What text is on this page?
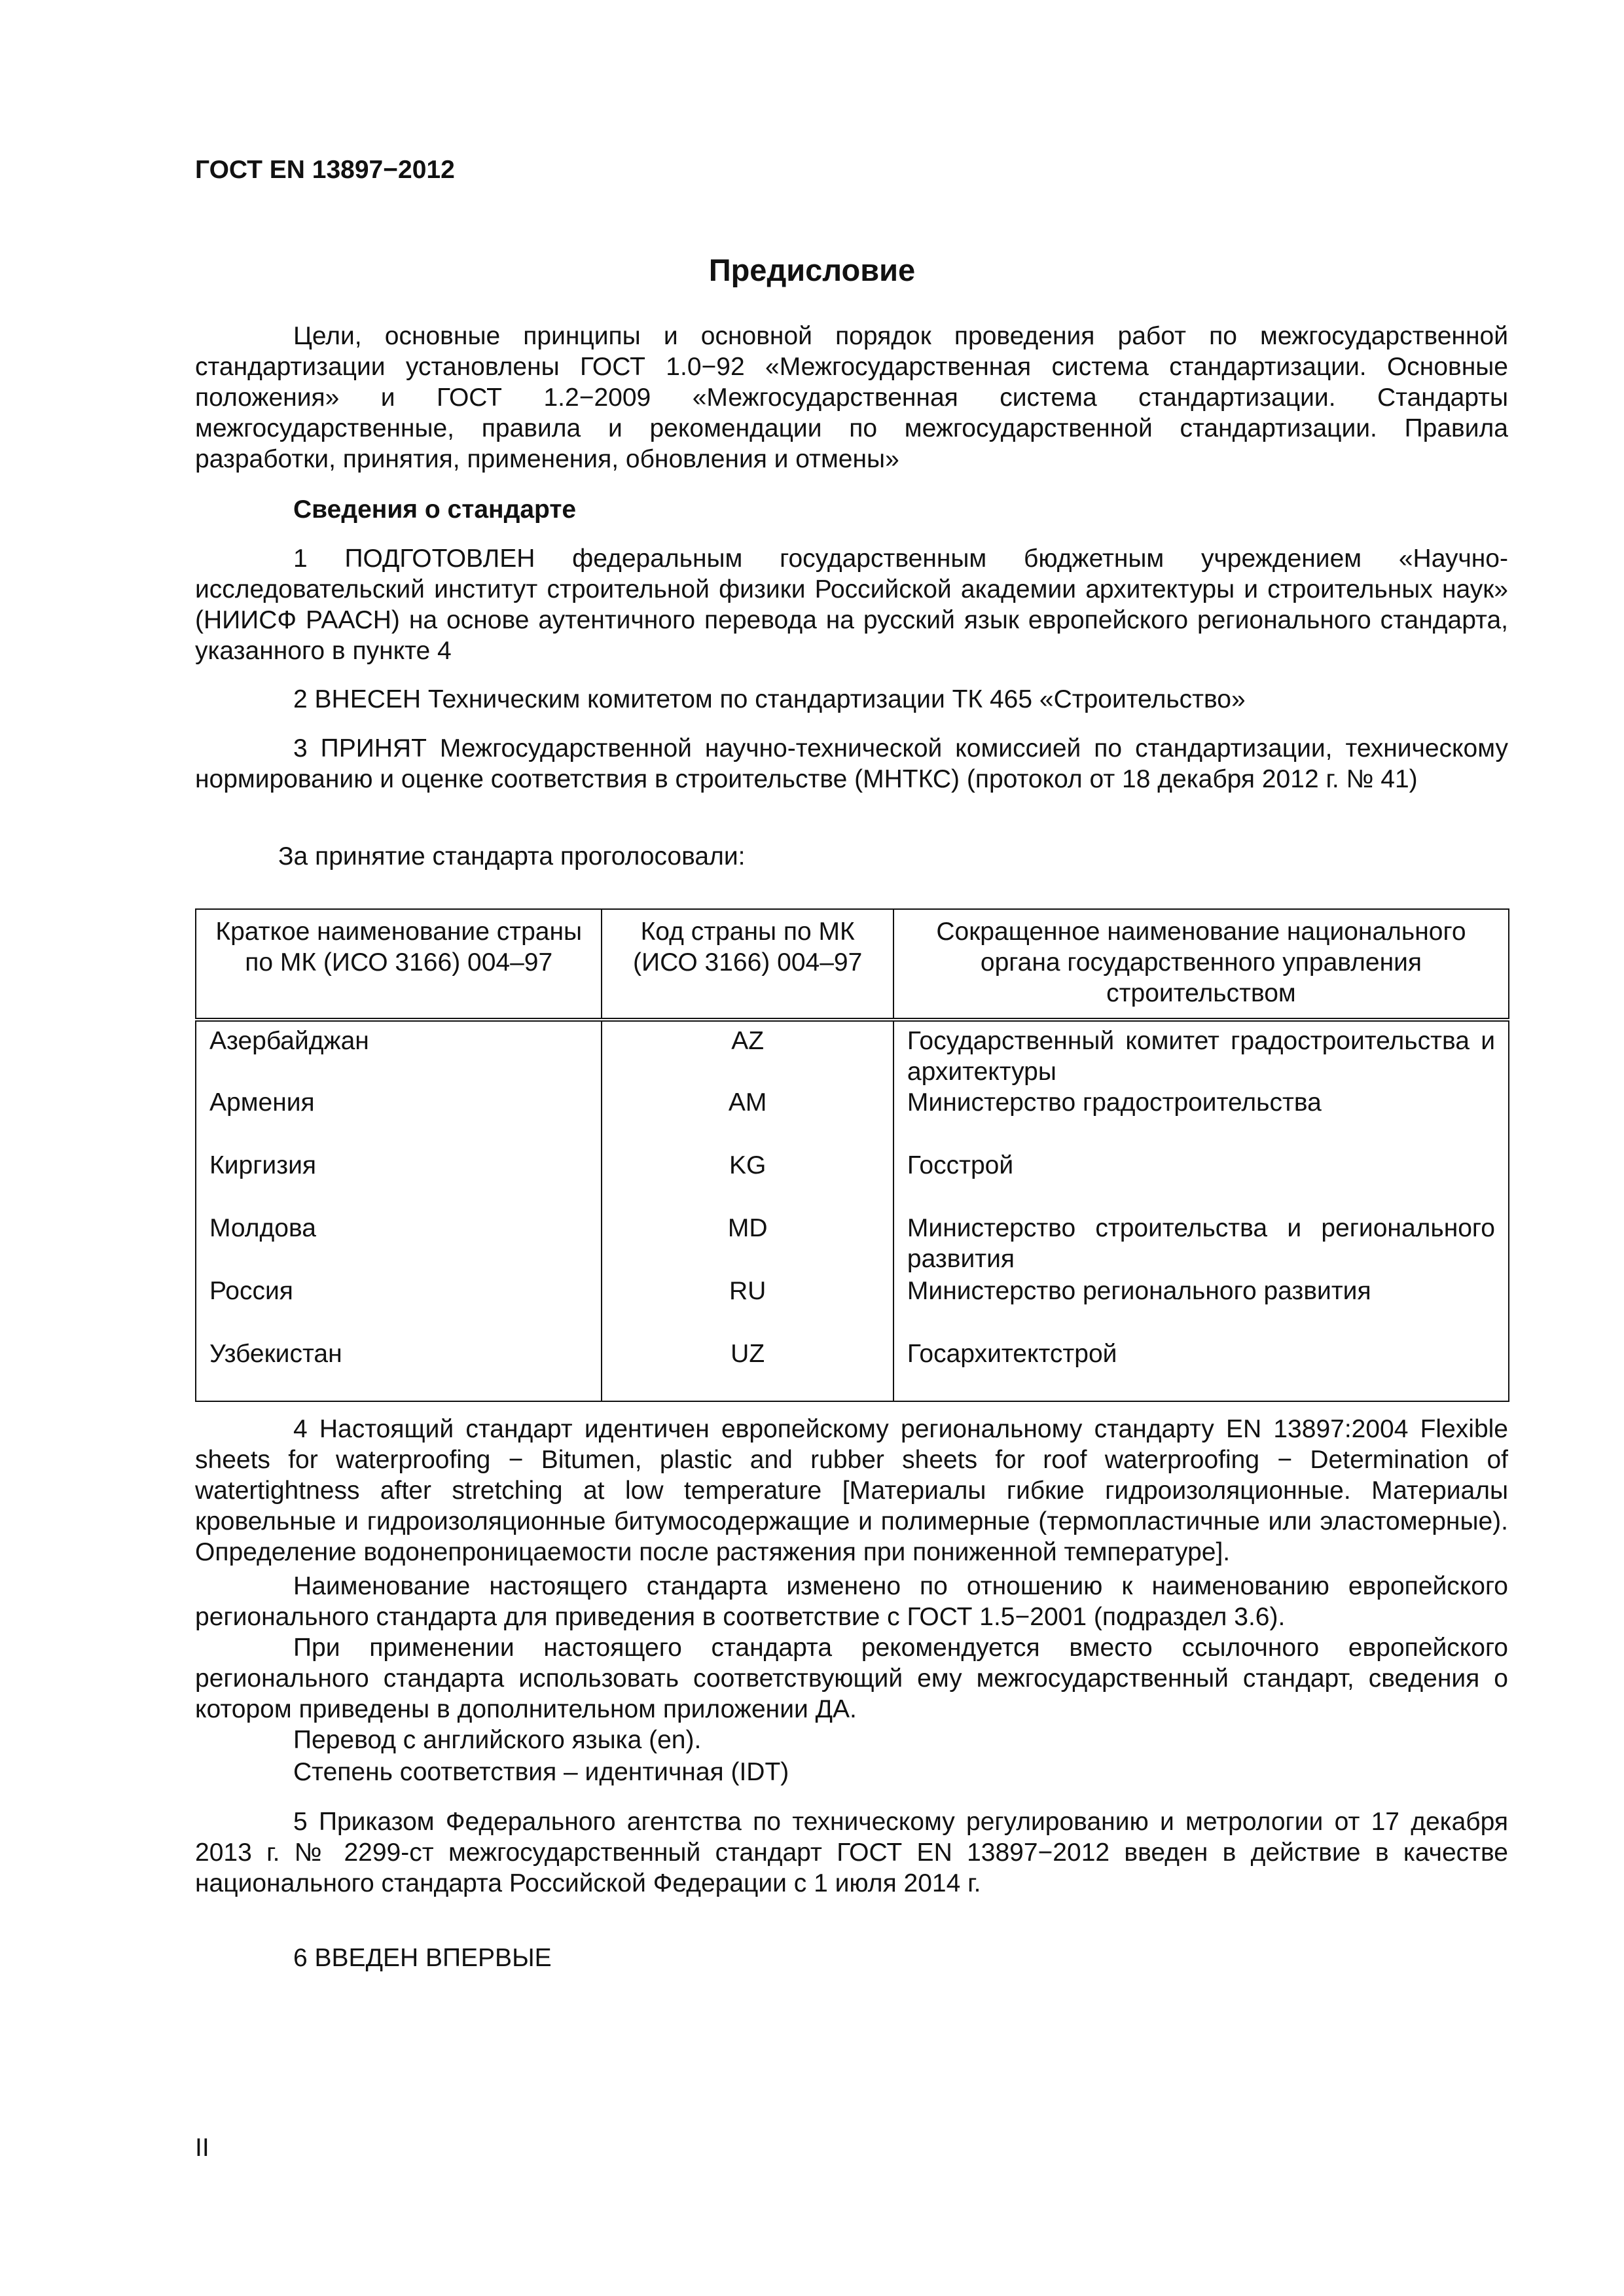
ГОСТ EN 13897−2012
Предисловие

Цели, основные принципы и основной порядок проведения работ по межгосударственной стандартизации установлены ГОСТ 1.0−92 «Межгосударственная система стандартизации. Основные положения» и ГОСТ 1.2−2009 «Межгосударственная система стандартизации. Стандарты межгосударственные, правила и рекомендации по межгосударственной стандартизации. Правила разработки, принятия, применения, обновления и отмены»

Сведения о стандарте

1 ПОДГОТОВЛЕН федеральным государственным бюджетным учреждением «Научно-исследовательский институт строительной физики Российской академии архитектуры и строительных наук» (НИИСФ РААСН) на основе аутентичного перевода на русский язык европейского регионального стандарта, указанного в пункте 4

2 ВНЕСЕН Техническим комитетом по стандартизации ТК 465 «Строительство»

3 ПРИНЯТ Межгосударственной научно-технической комиссией по стандартизации, техническому нормированию и оценке соответствия в строительстве (МНТКС) (протокол от 18 декабря 2012 г. № 41)

За принятие стандарта проголосовали:
Краткое наименование страны по МК (ИСО 3166) 004–97	Код страны по МК (ИСО 3166) 004–97	Сокращенное наименование национального органа государственного управления строительством
Азербайджан	AZ	Государственный комитет градостроительства и архитектуры
Армения	AM	Министерство градостроительства
Киргизия	KG	Госстрой
Молдова	MD	Министерство строительства и регионального развития
Россия	RU	Министерство регионального развития
Узбекистан	UZ	Госархитектстрой

4 Настоящий стандарт идентичен европейскому региональному стандарту EN 13897:2004 Flexible sheets for waterproofing − Bitumen, plastic and rubber sheets for roof waterproofing − Determination of watertightness after stretching at low temperature [Материалы гибкие гидроизоляционные. Материалы кровельные и гидроизоляционные битумосодержащие и полимерные (термопластичные или эластомерные). Определение водонепроницаемости после растяжения при пониженной температуре].

Наименование настоящего стандарта изменено по отношению к наименованию европейского регионального стандарта для приведения в соответствие с ГОСТ 1.5−2001 (подраздел 3.6).

При применении настоящего стандарта рекомендуется вместо ссылочного европейского регионального стандарта использовать соответствующий ему межгосударственный стандарт, сведения о котором приведены в дополнительном приложении ДА.

Перевод с английского языка (en).
Степень соответствия – идентичная (IDT)

5 Приказом Федерального агентства по техническому регулированию и метрологии от 17 декабря 2013 г. № 2299-ст межгосударственный стандарт ГОСТ EN 13897−2012 введен в действие в качестве национального стандарта Российской Федерации с 1 июля 2014 г.

6 ВВЕДЕН ВПЕРВЫЕ
II
